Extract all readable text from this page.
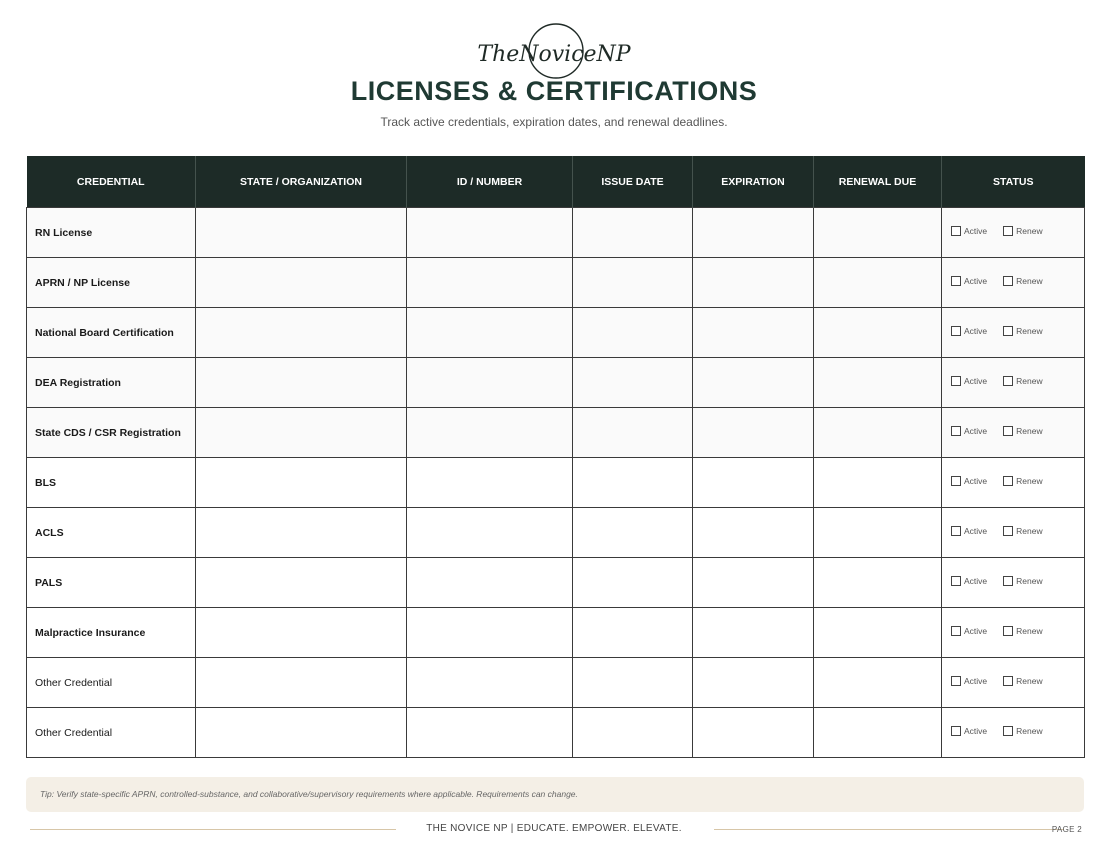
TheNoviceNP
LICENSES & CERTIFICATIONS
Track active credentials, expiration dates, and renewal deadlines.
CREDENTIAL	STATE / ORGANIZATION	ID / NUMBER	ISSUE DATE	EXPIRATION	RENEWAL DUE	STATUS
RN License						Active Renew

APRN / NP License						Active Renew

National Board Certification						Active Renew

DEA Registration						Active Renew

State CDS / CSR Registration						Active Renew

BLS						Active Renew

ACLS						Active Renew

PALS						Active Renew

Malpractice Insurance						Active Renew

Other Credential						Active Renew

Other Credential						Active Renew
Tip: Verify state-specific APRN, controlled-substance, and collaborative/supervisory requirements where applicable. Requirements can change.
THE NOVICE NP | EDUCATE. EMPOWER. ELEVATE.	PAGE 2
